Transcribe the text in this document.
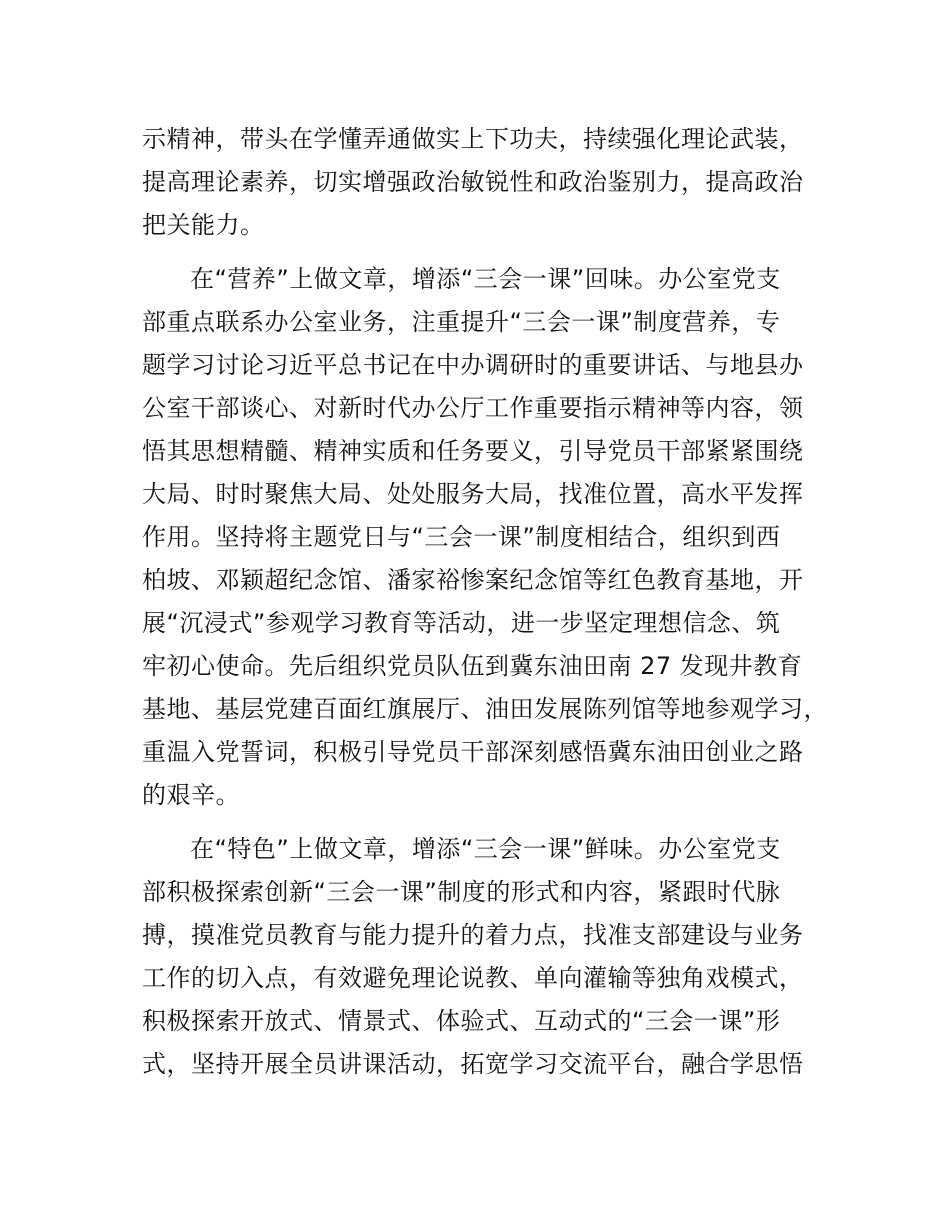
示精神，带头在学懂弄通做实上下功夫，持续强化理论武装，
提高理论素养，切实增强政治敏锐性和政治鉴别力，提高政治
把关能力。
在“营养”上做文章，增添“三会一课”回味。办公室党支
部重点联系办公室业务，注重提升“三会一课”制度营养，专
题学习讨论习近平总书记在中办调研时的重要讲话、与地县办
公室干部谈心、对新时代办公厅工作重要指示精神等内容，领
悟其思想精髓、精神实质和任务要义，引导党员干部紧紧围绕
大局、时时聚焦大局、处处服务大局，找准位置，高水平发挥
作用。坚持将主题党日与“三会一课”制度相结合，组织到西
柏坡、邓颖超纪念馆、潘家裕惨案纪念馆等红色教育基地，开
展“沉浸式”参观学习教育等活动，进一步坚定理想信念、筑
牢初心使命。先后组织党员队伍到冀东油田南 27 发现井教育
基地、基层党建百面红旗展厅、油田发展陈列馆等地参观学习，
重温入党誓词，积极引导党员干部深刻感悟冀东油田创业之路
的艰辛。
在“特色”上做文章，增添“三会一课”鲜味。办公室党支
部积极探索创新“三会一课”制度的形式和内容，紧跟时代脉
搏，摸准党员教育与能力提升的着力点，找准支部建设与业务
工作的切入点，有效避免理论说教、单向灌输等独角戏模式，
积极探索开放式、情景式、体验式、互动式的“三会一课”形
式，坚持开展全员讲课活动，拓宽学习交流平台，融合学思悟
